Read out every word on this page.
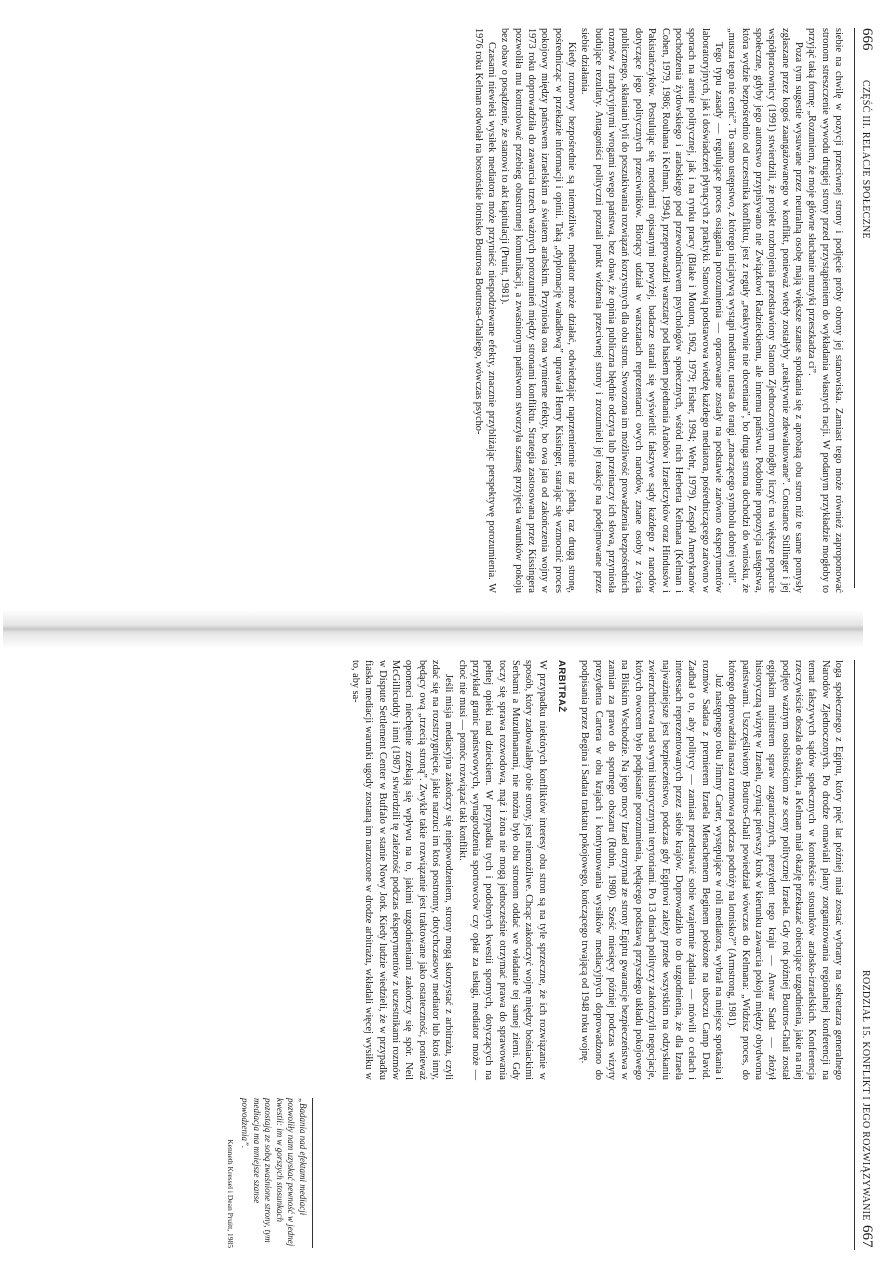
666
CZĘŚĆ III. RELACJE SPOŁECZNE

siebie na chwilę w pozycji przeciwnej strony i podjęcie próby obrony jej stanowiska. Zamiast tego może również zaproponować stronom streszczenie wywodu drugiej strony przed przystąpieniem do wykładania własnych racji. W podanym przykładzie mogłoby to przyjąć taką formę: „Rozumiem, że moje główne słuchanie muzyki przeszkadza ci”.

Poza tym sugestie wysuwane przez neutralną osobę mają większe szanse spotkania się z aprobatą obu stron niż te same pomysły zgłaszane przez kogoś zaangażowanego w konflikt, ponieważ wtedy zostałyby „reaktywnie zdewaluowane”. Constance Stillinger i jej współpracownicy (1991) stwierdzili, że projekt rozbrojenia przedstawiony Stanom Zjednoczonym mógłby liczyć na większe poparcie społeczne, gdyby jego autorstwo przypisywano nie Związkowi Radzieckiemu, ale innemu państwu. Podobnie propozycja ustępstwa, która wydzie bezpośrednio od uczestnika konfliktu, jest z reguły „reaktywnie nie doceniana”, bo druga strona dochodzi do wniosku, że „musza tego nie cenić”. To samo ustępstwo, z którego inicjatywą wystąpi mediator, urasta do rangi „znaczącego symbolu dobrej woli”.

Tego typu zasady — regulujące proces osiągania porozumienia — opracowane zostały na podstawie zarówno eksperymentów laboratoryjnych, jak i doświadczeń płynących z praktyki. Stanowią podstawowa wiedzę każdego mediatora, pośredniczącego zarówno w sporach na arenie politycznej, jak i na rynku pracy (Blake i Mouton, 1962, 1979; Fisher, 1994; Wehr, 1979). Zespół Amerykanów pochodzenia żydowskiego i arabskiego pod przewodnictwem psychologów społecznych, wśród nich Herberta Kelmana (Kelman i Cohen, 1979, 1986; Rouhana i Kelman, 1994), przeprowadził warsztaty pod hasłem pojednania Arabów i Izraelczyków oraz Hindusów i Pakistańczyków. Postulując się metodami opisanymi powyżej, badacze starali się wyświetlić fałszywe sądy każdego z narodów dotyczące jego politycznych przeciwników. Biorący udział w warsztatach reprezentanci owych narodów, znane osoby z życia publicznego, skłaniani byli do poszukiwania rozwiązań korzystnych dla obu stron. Stworzona im możliwość prowadzenia bezpośrednich rozmów z tradycyjnymi wrogami swego państwa, bez obaw, że opinia publiczna błędnie odczyta lub przeinaczy ich słowa, przyniosła budujące rezultaty. Antagoniści polityczni poznali punkt widzenia przeciwnej strony i zrozumieli jej reakcje na podejmowane przez siebie działania.

Kiedy rozmowy bezpośrednie są niemożliwe, mediator może działać, odwiedzając naprzemiennie raz jedną, raz drugą stronę, pośrednicząc w przekazie informacji i opinii. Taką „dyplomację wahadłową” uprawiał Henry Kissinger, starając się wzmocnić proces pokojowy między państwem izraelskim a światem arabskim. Przyniosła ona wymierne efekty, bo owa jata od zakończenia wojny w 1973 roku doprowadziła do zawarcia trzech ważnych porozumień między stronami konfliktu. Strategia zastosowana przez Kissingera pozwoliła mu kontrolować przebieg obustronnej komunikacji, a zwaśnionym państwom stworzyła szansę przyjęcia warunków pokoju bez obaw o posądzenie, że stanowi to akt kapitulacji (Pruitt, 1981).

Czasami niewieki wysiłek mediatora może przynieść niespodziewane efekty, znacznie przybliżając perspektywę porozumienia. W 1976 roku Kelman odwołał na bostońskie lotnisko Boutrosa Boutrosa-Ghaliego, wówczas psycho-

ROZDZIAŁ 15. KONFLIKT I JEGO ROZWIĄZYWANIE
667

loga społecznego z Egiptu, który pięć lat później miał zostać wybrany na sekretarza generalnego Narodów Zjednoczonych. Po drodze omawiali plany zorganizowania regionalnej konferencji na temat fałszywych sądów społecznych w kontekście stosunków arabsko-izraelskich. Konferencja rzeczywiście doszła do skutku, a Kelman miał okazję przekazać obiecujące uzgodnienia, jakie na niej podjęto ważnym osobistościom ze sceny politycznej Izraela. Gdy rok później Boutros-Ghali został egipskim ministrem spraw zagranicznych, prezydent tego kraju — Anwar Sadat — złożył historyczną wizytę w Izraelu, czyniąc pierwszy krok w kierunku zawarcia pokoju między obydwoma państwami. Uszczęśliwiony Boutros-Ghali powiedział wówczas do Kelmana: „Widzisz proces, do którego doprowadziła nasza rozmowa podczas podróży na lotnisko?” (Armstrong, 1981).

Już następnego roku Jimmy Carter, występujące w roli mediatora, wybrał na miejsce spotkania i rozmów Sadata z premierem Izraela Menachemem Beginem położone na uboczu Camp David. Zadbał o to, aby politycy — zamiast przedstawić sobie wzajemnie żądania — mówili o celach i interesach reprezentowanych przez siebie krajów. Doprowadziło to do uzgodnienia, że dla Izraela najważniejsze jest bezpieczeństwo, podczas gdy Egiptowi zależy przede wszystkim na odzyskaniu zwierzchnictwa nad swymi historycznymi terytoriami. Po 13 dniach polityczy zakończyli negocjacje, których owocem było podpisanie porozumienia, będącego podstawą przyszłego układu pokojowego na Bliskim Wschodzie. Na jego mocy Izrael otrzymał ze strony Egiptu gwarancje bezpieczeństwa w zamian za prawo do spornego obszaru (Rubin, 1980). Sześć miesięcy później podczas wizyty prezydenta Cartera w obu krajach i kontynuowania wysiłków mediacyjnych doprowadzono do podpisania przez Begina i Sadata traktatu pokojowego, kończącego trwającą od 1948 roku wojnę.

ARBITRAŻ

W przypadku niektórych konfliktów interesy obu stron są na tyle sprzeczne, że ich rozwiązanie w sposób, który zadowalałby obie strony, jest niemożliwe. Chcąc zakończyć wojnę między bośniackimi Serbami a Muzułmanami, nie można było obu stronom oddać we władanie tej samej ziemi. Gdy toczy się sprawa rozwodowa, mąż i żona nie mogą jednocześnie otrzymać prawa do sprawowania pełnej opieki nad dzieckiem. W przypadku tych i podobnych kwestii spornych, dotyczących na przykład granic państwowych, wynagrodzenia sportowców czy opłat za usługi, mediator może — choć nie musi — pomóc rozwiązać taki konflikt.

Jeśli misja mediacyjna zakończy się niepowodzeniem, strony mogą skorzystać z arbitrażu, czyli zdać się na rozstrzygnięcie, jakie narzuci im ktoś postronny, dotychczasowy mediator lub ktoś inny, będący ową „trzecią stroną”. Zwykle takie rozwiązanie jest traktowane jako ostateczność, ponieważ oponenci niechętnie zrzekają się wpływu na to, jakimi uzgodnieniami zakończy się spór. Neil McGillicuddy i inni (1987) stwierdzili tę zależność podczas eksperymentów z uczestnikami rozmów w Dispute Settlement Center w Buffalo w stanie Nowy Jork. Kiedy ludzie wiedzieli, że w przypadku fiaska mediacji warunki ugody zostaną im narzucone w drodze arbitrażu, wkładali więcej wysiłku w to, aby sa-

„Badania nad efektami mediacji pozwoliły nam uzyskać pewność w jednej kwestii: im w gorszych stosunkach pozostają ze sobą zwaśnione strony, tym mediacja ma mniejsze szanse powodzenia”.
Kenneth Kressel i Dean Pruitt, 1985
